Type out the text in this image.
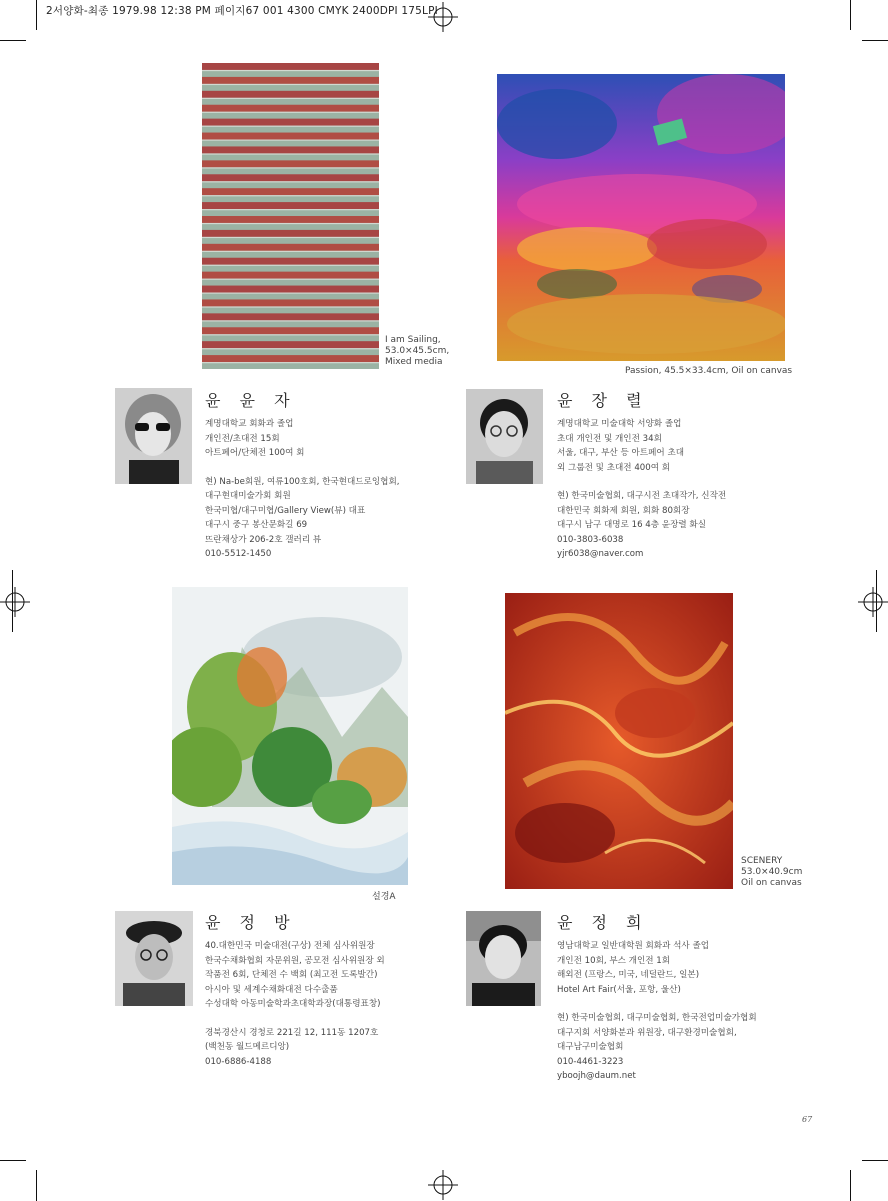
2서양화-최종 1979.98 12:38 PM 페이지67 001 4300 CMYK 2400DPI 175LPI
I am Sailing,
53.0×45.5cm,
Mixed media
Passion, 45.5×33.4cm, Oil on canvas
윤 윤 자

계명대학교 회화과 졸업

개인전/초대전 15회

아트페어/단체전 100여 회

현) Na-be회원, 여류100호회, 한국현대드로잉협회,

대구현대미술가회 회원

한국미협/대구미협/Gallery View(뷰) 대표

대구시 중구 봉산문화길 69

뜨란채상가 206-2호 갤러리 뷰

010-5512-1450

윤 장 렬

계명대학교 미술대학 서양화 졸업

초대 개인전 및 개인전 34회

서울, 대구, 부산 등 아트페어 초대

외 그룹전 및 초대전 400여 회

현) 한국미술협회, 대구시전 초대작가, 신작전

대한민국 회화제 회원, 회화 80회장

대구시 남구 대명로 16 4층 윤장렬 화실

010-3803-6038

yjr6038@naver.com

설경A
SCENERY
53.0×40.9cm
Oil on canvas
윤 정 방

40.대한민국 미술대전(구상) 전체 심사위원장

한국수채화협회 자문위원, 공모전 심사위원장 외

작품전 6회, 단체전 수 백회 (최고전 도록발간)

아시아 및 세계수채화대전 다수출품

수성대학 아동미술학과초대학과장(대통령표창)

경북경산시 경청로 221길 12, 111동 1207호

(백천동 월드메르디앙)

010-6886-4188

윤 정 희

영남대학교 일반대학원 회화과 석사 졸업

개인전 10회, 부스 개인전 1회

해외전 (프랑스, 미국, 네덜란드, 일본)

Hotel Art Fair(서울, 포항, 울산)

현) 한국미술협회, 대구미술협회, 한국전업미술가협회

대구지회 서양화분과 위원장, 대구환경미술협회,

대구남구미술협회

010-4461-3223

yboojh@daum.net

67
